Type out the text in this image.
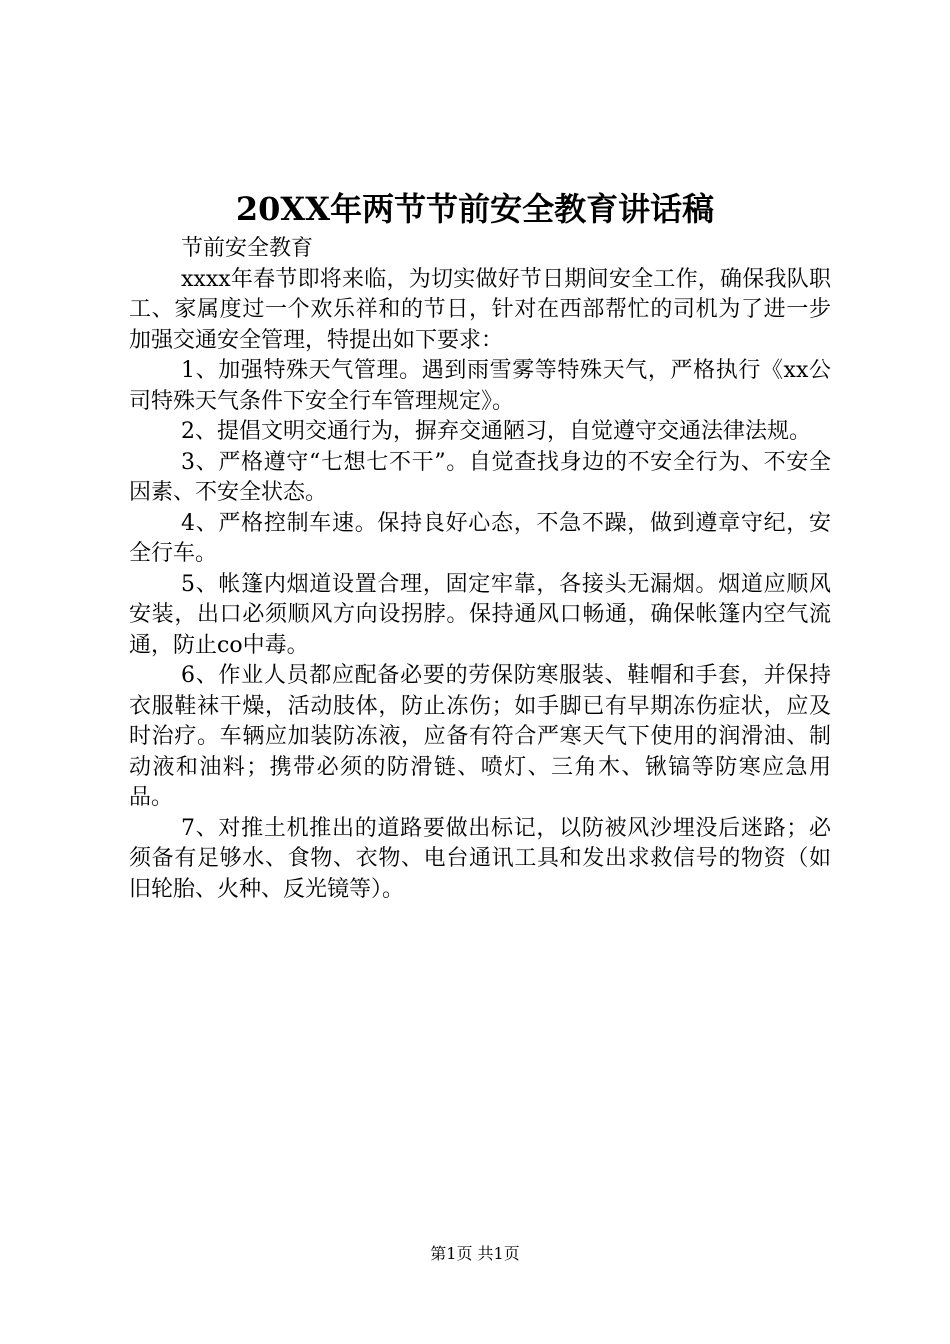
20XX年两节节前安全教育讲话稿

节前安全教育

xxxx年春节即将来临，为切实做好节日期间安全工作，确保我队职工、家属度过一个欢乐祥和的节日，针对在西部帮忙的司机为了进一步加强交通安全管理，特提出如下要求：

1、加强特殊天气管理。遇到雨雪雾等特殊天气，严格执行《xx公司特殊天气条件下安全行车管理规定》。

2、提倡文明交通行为，摒弃交通陋习，自觉遵守交通法律法规。

3、严格遵守“七想七不干”。自觉查找身边的不安全行为、不安全因素、不安全状态。

4、严格控制车速。保持良好心态，不急不躁，做到遵章守纪，安全行车。

5、帐篷内烟道设置合理，固定牢靠，各接头无漏烟。烟道应顺风安装，出口必须顺风方向设拐脖。保持通风口畅通，确保帐篷内空气流通，防止co中毒。

6、作业人员都应配备必要的劳保防寒服装、鞋帽和手套，并保持衣服鞋袜干燥，活动肢体，防止冻伤；如手脚已有早期冻伤症状，应及时治疗。车辆应加装防冻液，应备有符合严寒天气下使用的润滑油、制动液和油料；携带必须的防滑链、喷灯、三角木、锹镐等防寒应急用品。

7、对推土机推出的道路要做出标记，以防被风沙埋没后迷路；必须备有足够水、食物、衣物、电台通讯工具和发出求救信号的物资（如旧轮胎、火种、反光镜等）。

第1页 共1页
